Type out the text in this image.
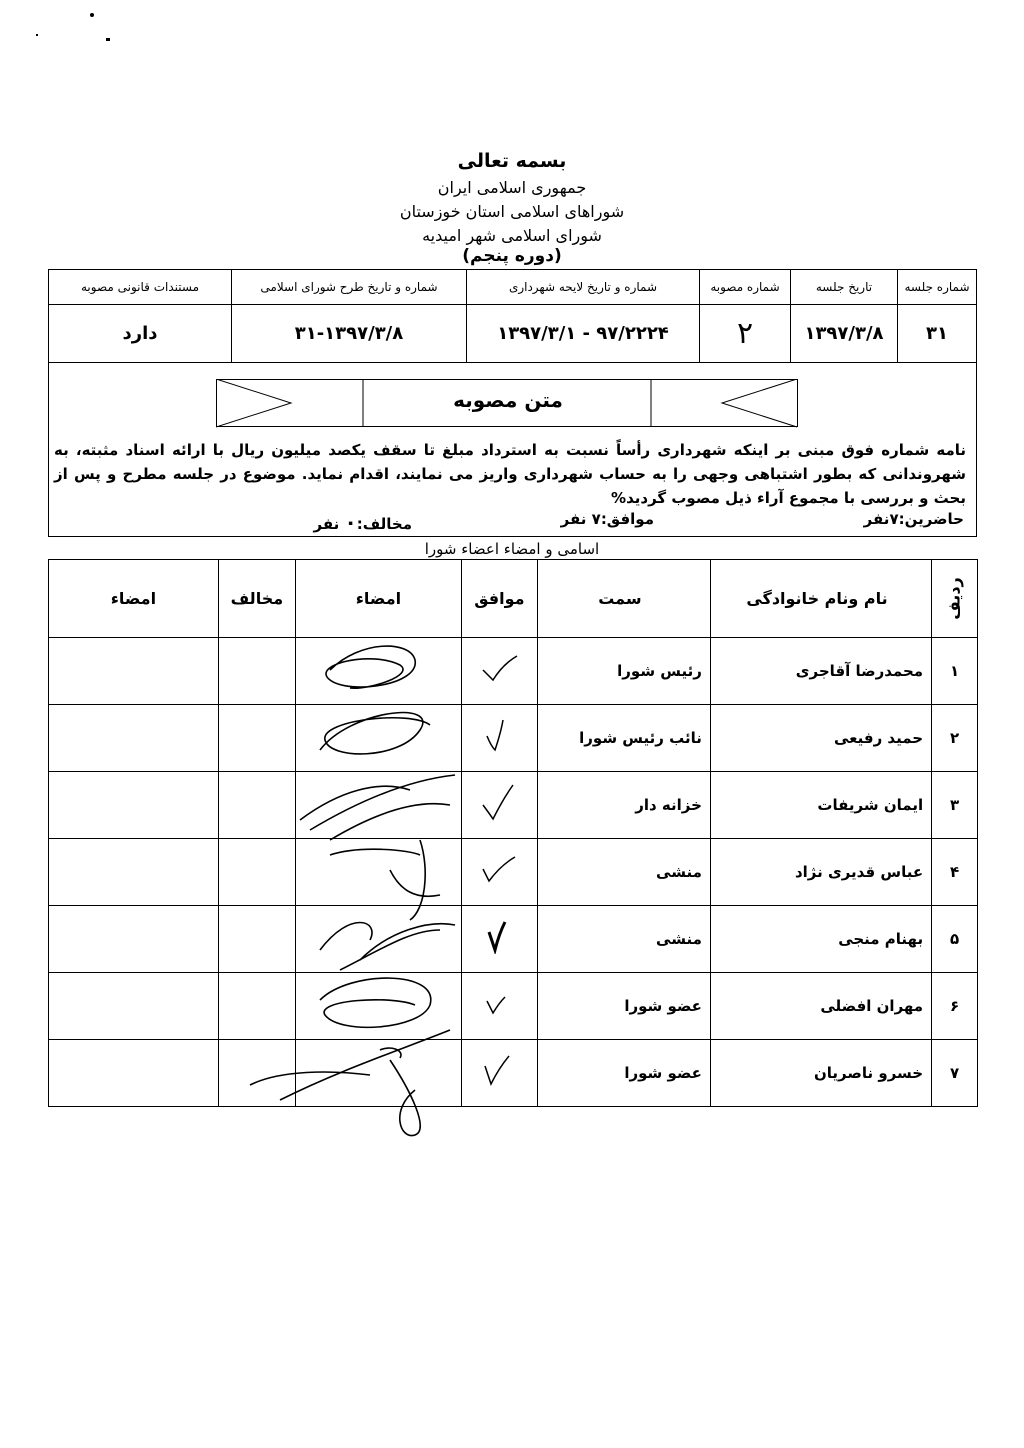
بسمه تعالی
جمهوری اسلامی ایران
شوراهای اسلامی استان خوزستان
شورای اسلامی شهر امیدیه
(دوره پنجم)
شماره جلسه	تاریخ جلسه	شماره مصوبه	شماره و تاریخ لایحه شهرداری	شماره و تاریخ طرح شورای اسلامی	مستندات قانونی مصوبه
۳۱	۱۳۹۷/۳/۸	۲	۹۷/۲۲۲۴ - ۱۳۹۷/۳/۱	۳۱-۱۳۹۷/۳/۸	دارد
متن مصوبه
نامه شماره فوق مبنی بر اینکه شهرداری رأساً نسبت به استرداد مبلغ تا سقف یکصد میلیون ریال با ارائه اسناد مثبته، به شهروندانی که بطور اشتباهی وجهی را به حساب شهرداری واریز می نمایند، اقدام نماید. موضوع در جلسه مطرح و پس از بحث و بررسی با مجموع آراء ذیل مصوب گردید%
حاضرین:۷نفر
موافق:۷ نفر
مخالف:۰ نفر
اسامی و امضاء اعضاء شورا
ردیف	نام ونام خانوادگی	سمت	موافق	امضاء	مخالف	امضاء
۱	محمدرضا آقاجری	رئیس شورا				
۲	حمید رفیعی	نائب رئیس شورا				
۳	ایمان شریفات	خزانه دار				
۴	عباس قدیری نژاد	منشی				
۵	بهنام منجی	منشی				
۶	مهران افضلی	عضو شورا				
۷	خسرو ناصریان	عضو شورا				
